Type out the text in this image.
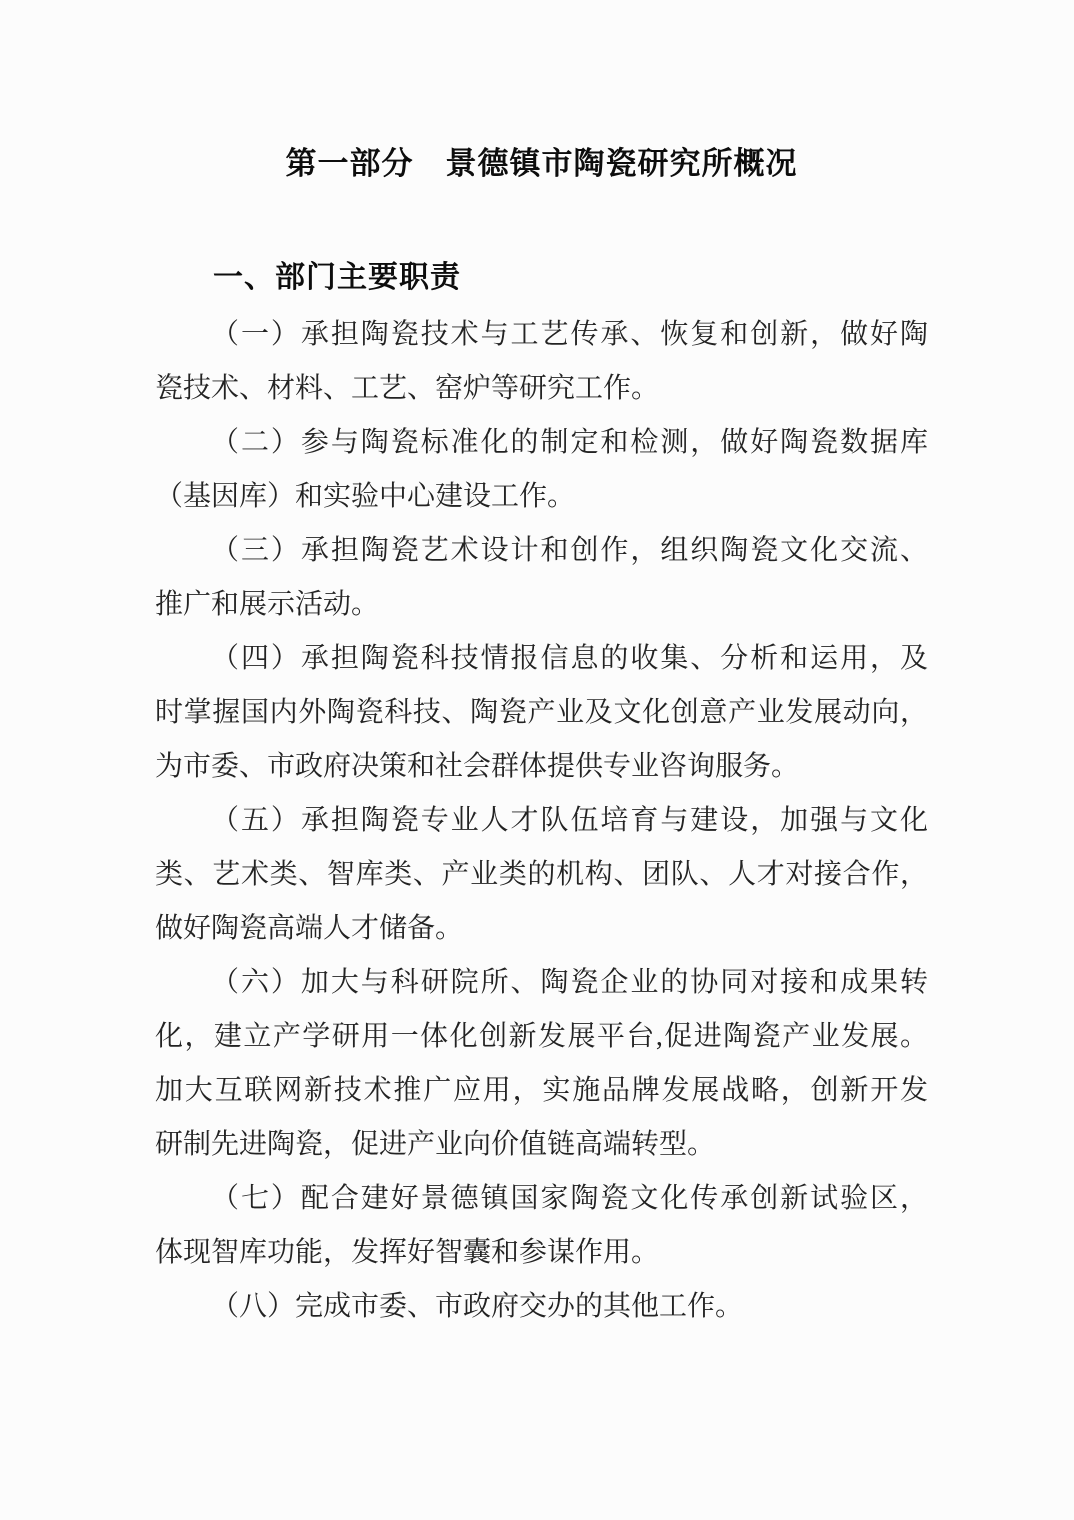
第一部分　景德镇市陶瓷研究所概况
一、部门主要职责
（一）承担陶瓷技术与工艺传承、恢复和创新，做好陶
瓷技术、材料、工艺、窑炉等研究工作。
（二）参与陶瓷标准化的制定和检测，做好陶瓷数据库
（基因库）和实验中心建设工作。
（三）承担陶瓷艺术设计和创作，组织陶瓷文化交流、
推广和展示活动。
（四）承担陶瓷科技情报信息的收集、分析和运用，及
时掌握国内外陶瓷科技、陶瓷产业及文化创意产业发展动向，
为市委、市政府决策和社会群体提供专业咨询服务。
（五）承担陶瓷专业人才队伍培育与建设，加强与文化
类、艺术类、智库类、产业类的机构、团队、人才对接合作，
做好陶瓷高端人才储备。
（六）加大与科研院所、陶瓷企业的协同对接和成果转
化，建立产学研用一体化创新发展平台,促进陶瓷产业发展。
加大互联网新技术推广应用，实施品牌发展战略，创新开发
研制先进陶瓷，促进产业向价值链高端转型。
（七）配合建好景德镇国家陶瓷文化传承创新试验区，
体现智库功能，发挥好智囊和参谋作用。
（八）完成市委、市政府交办的其他工作。
